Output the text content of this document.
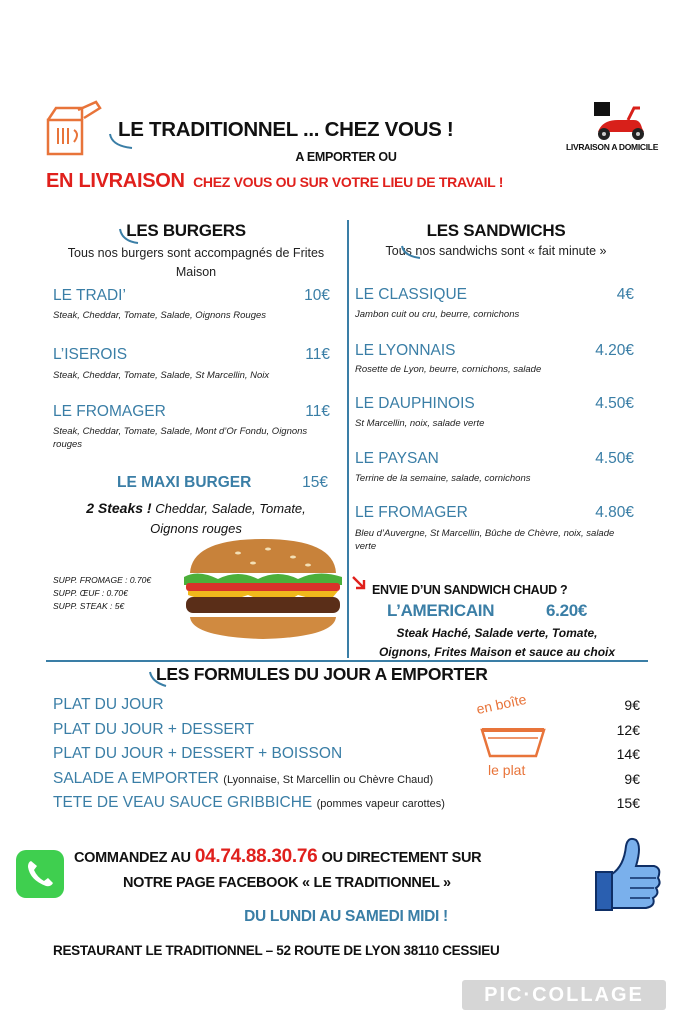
LE TRADITIONNEL ... CHEZ VOUS !
A EMPORTER OU
LIVRAISON A DOMICILE
EN LIVRAISON CHEZ VOUS OU SUR VOTRE LIEU DE TRAVAIL !
LES BURGERS
Tous nos burgers sont accompagnés de Frites Maison
LE TRADI’	10€
Steak, Cheddar, Tomate, Salade, Oignons Rouges
L’ISEROIS	11€
Steak, Cheddar, Tomate, Salade, St Marcellin, Noix
LE FROMAGER	11€
Steak, Cheddar, Tomate, Salade, Mont d’Or Fondu, Oignons rouges
LE MAXI BURGER	15€
2 Steaks ! Cheddar, Salade, Tomate,
Oignons rouges
SUPP. FROMAGE : 0.70€
SUPP. ŒUF : 0.70€
SUPP. STEAK : 5€
LES SANDWICHS
Tous nos sandwichs sont « fait minute »
LE CLASSIQUE	4€
Jambon cuit ou cru, beurre, cornichons
LE LYONNAIS	4.20€
Rosette de Lyon, beurre, cornichons, salade
LE DAUPHINOIS	4.50€
St Marcellin, noix, salade verte
LE PAYSAN	4.50€
Terrine de la semaine, salade, cornichons
LE FROMAGER	4.80€
Bleu d’Auvergne, St Marcellin, Bûche de Chèvre, noix, salade verte
ENVIE D’UN SANDWICH CHAUD ?
L’AMERICAIN	6.20€
Steak Haché, Salade verte, Tomate,
Oignons, Frites Maison et sauce au choix
LES FORMULES DU JOUR A EMPORTER
PLAT DU JOUR	9€
PLAT DU JOUR + DESSERT	12€
PLAT DU JOUR + DESSERT + BOISSON	14€
SALADE A EMPORTER (Lyonnaise, St Marcellin ou Chèvre Chaud)	9€
TETE DE VEAU SAUCE GRIBBICHE (pommes vapeur carottes)	15€
en boîte
le plat
COMMANDEZ AU 04.74.88.30.76 OU DIRECTEMENT SUR
NOTRE PAGE FACEBOOK « LE TRADITIONNEL »
DU LUNDI AU SAMEDI MIDI !
RESTAURANT LE TRADITIONNEL – 52 ROUTE DE LYON 38110 CESSIEU
PIC·COLLAGE
